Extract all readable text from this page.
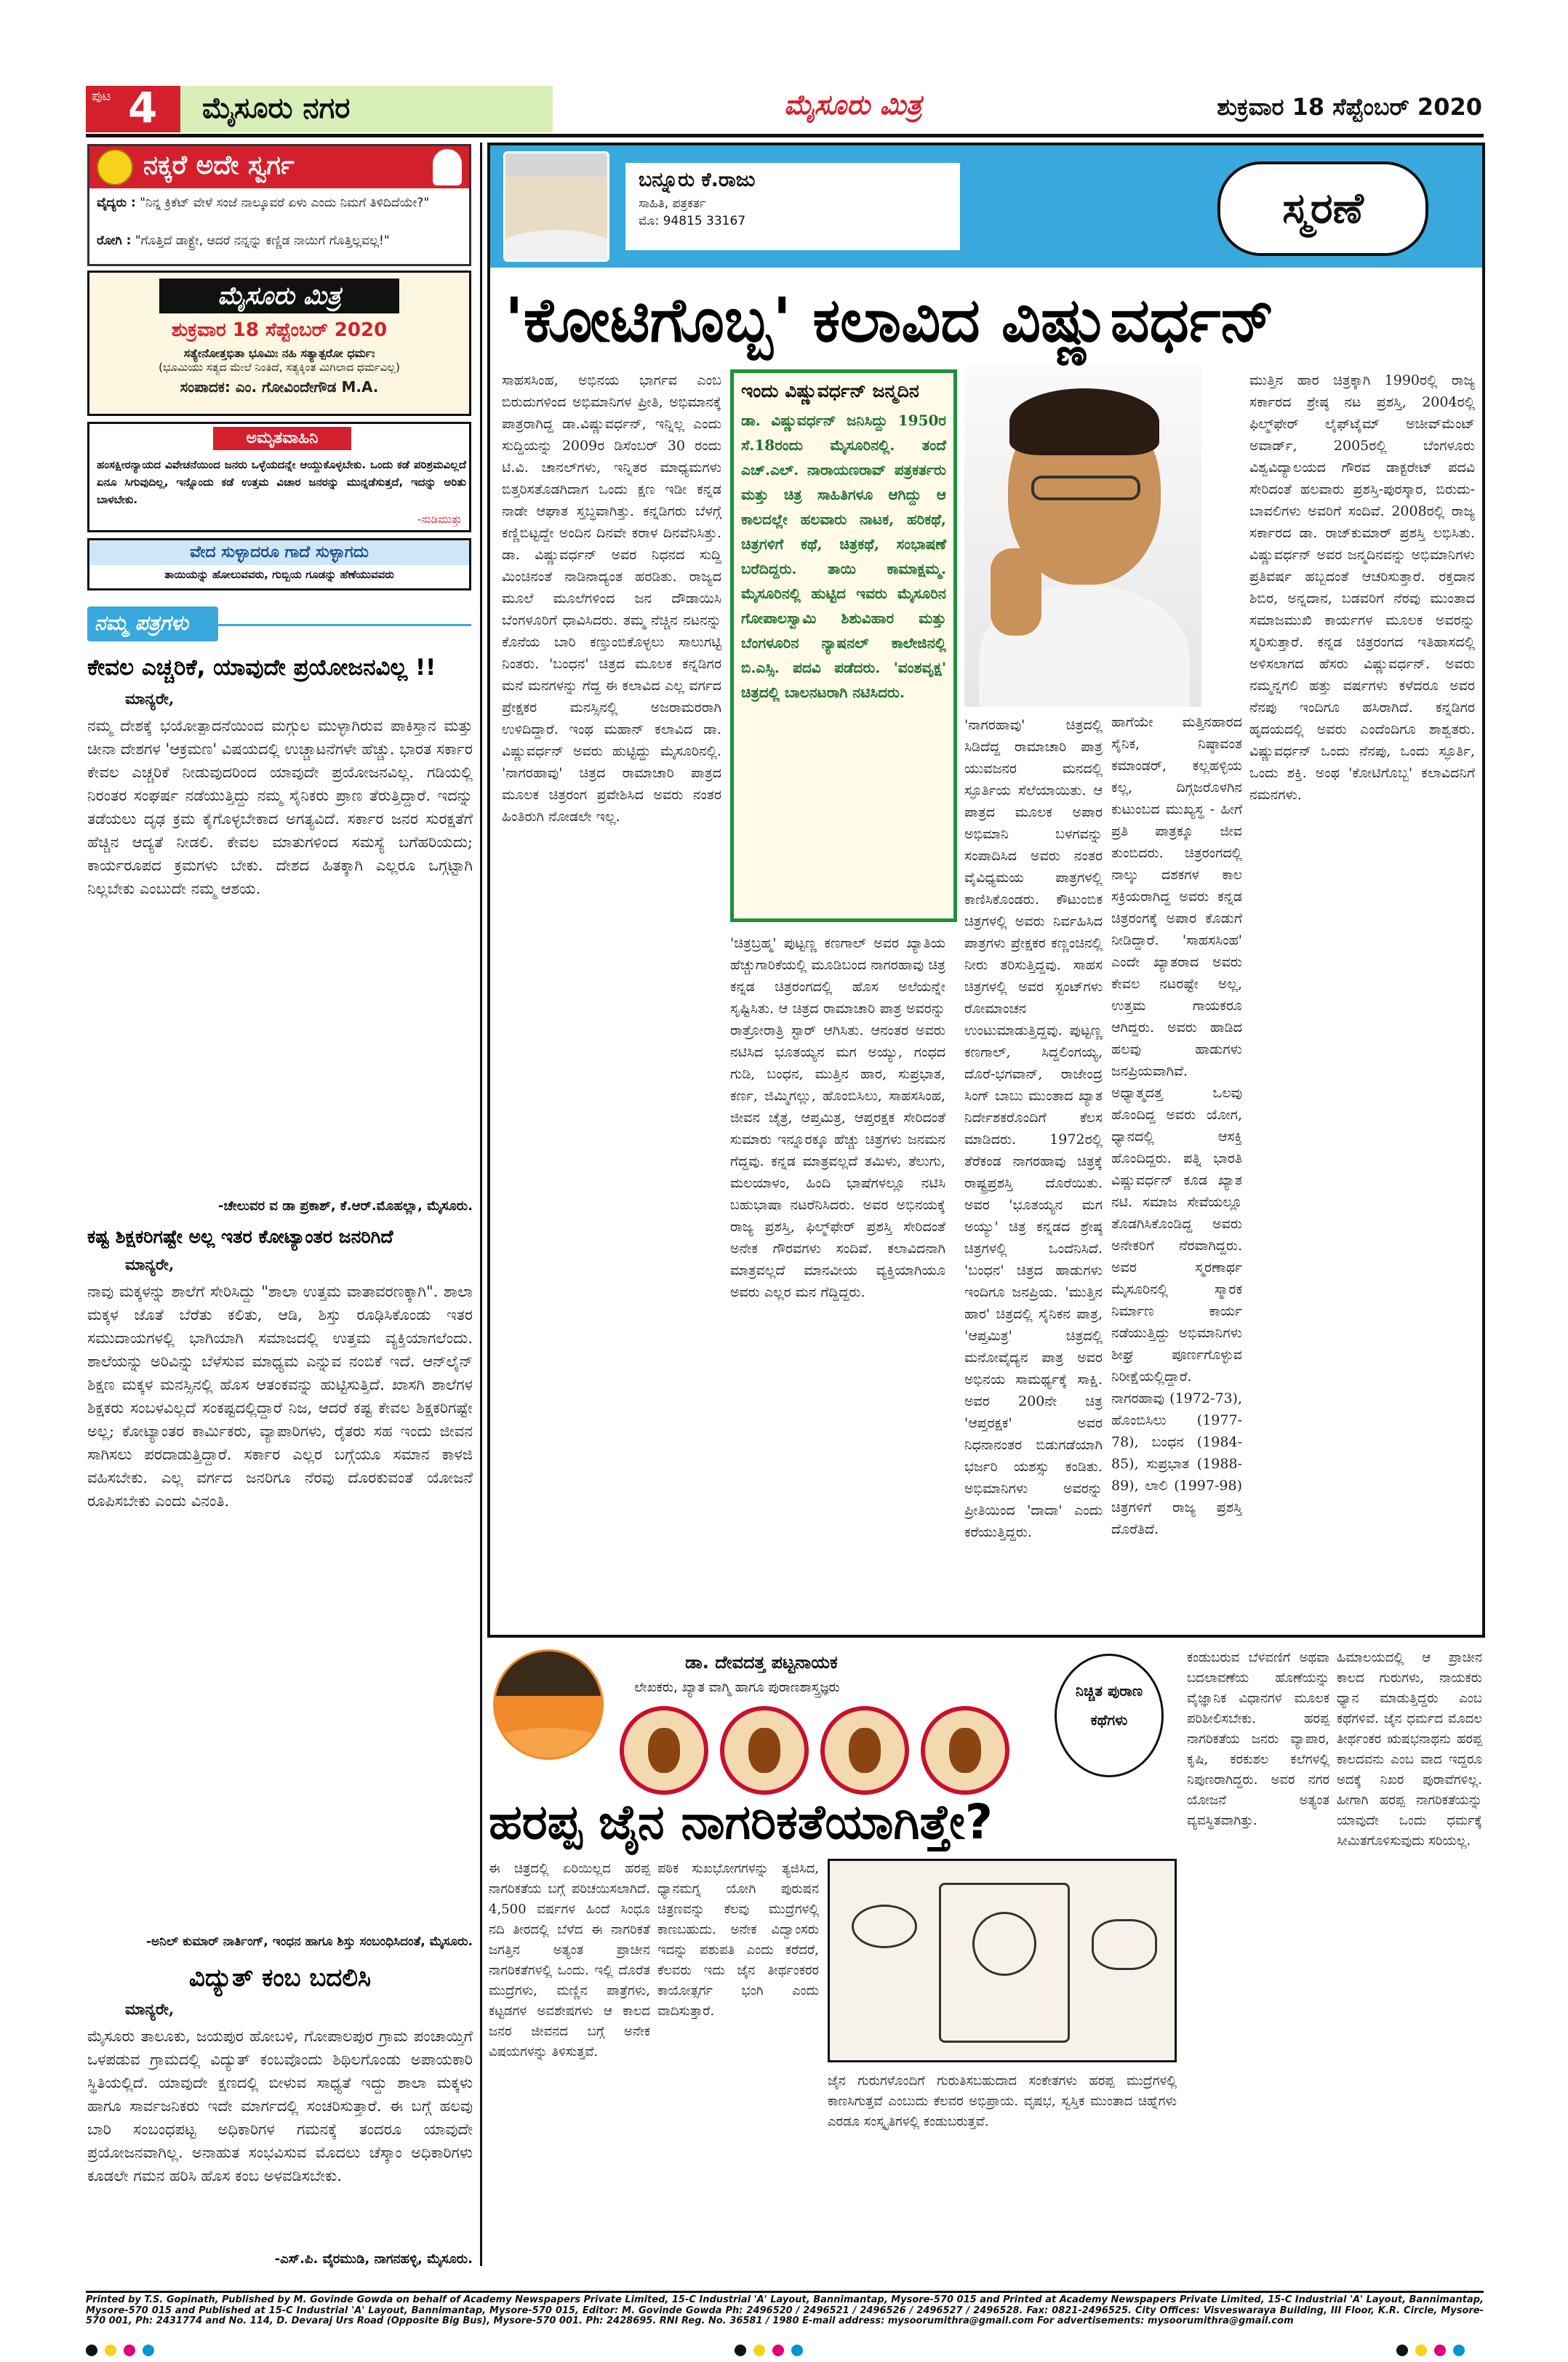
ಪುಟ 4 ಮೈಸೂರು ನಗರ	ಮೈಸೂರು ಮಿತ್ರ	ಶುಕ್ರವಾರ 18 ಸೆಪ್ಟೆಂಬರ್ 2020
ನಕ್ಕರೆ ಅದೇ ಸ್ವರ್ಗ
ವೈದ್ಯರು : "ನಿನ್ನ ಕ್ರಿಕೆಟ್ ವೇಳೆ ಸಂಜೆ ನಾಲ್ಕೂವರೆ ಏಳು ಎಂದು ನಿಮಗೆ ತಿಳಿದಿದೆಯೇ?"
ರೋಗಿ : "ಗೊತ್ತಿದೆ ಡಾಕ್ಟ್ರೇ, ಆದರೆ ನನ್ನನ್ನು ಕಣ್ಣಿಡ ನಾಯಿಗೆ ಗೊತ್ತಿಲ್ಲವಲ್ಲ!"
ಮೈಸೂರು ಮಿತ್ರ
ಶುಕ್ರವಾರ 18 ಸೆಪ್ಟೆಂಬರ್ 2020
ಸತ್ಯೇನೋತ್ತಭಿತಾ ಭೂಮಿಃ ನಹಿ ಸತ್ಯಾತ್ಪರೋ ಧರ್ಮಃ
(ಭೂಮಿಯು ಸತ್ಯದ ಮೇಲೆ ನಿಂತಿದೆ, ಸತ್ಯಕ್ಕಿಂತ ಮಿಗಿಲಾದ ಧರ್ಮವಿಲ್ಲ)
ಸಂಪಾದಕ: ಎಂ. ಗೋವಿಂದೇಗೌಡ M.A.
ಅಮೃತವಾಹಿನಿ
ಹಂಸಕ್ಷೀರನ್ಯಾಯದ ವಿವೇಚನೆಯಿಂದ ಜನರು ಒಳ್ಳೆಯದನ್ನೇ ಆಯ್ದುಕೊಳ್ಳಬೇಕು. ಒಂದು ಕಡೆ ಪರಿಶ್ರಮವಿಲ್ಲದೆ ಏನೂ ಸಿಗುವುದಿಲ್ಲ, ಇನ್ನೊಂದು ಕಡೆ ಉತ್ತಮ ವಿಚಾರ ಜನರನ್ನು ಮುನ್ನಡೆಸುತ್ತದೆ, ಇದನ್ನು ಅರಿತು ಬಾಳಬೇಕು.
-ನುಡಿಮುತ್ತು
ವೇದ ಸುಳ್ಳಾದರೂ ಗಾದೆ ಸುಳ್ಳಾಗದು
ತಾಯಿಯನ್ನು ಹೋಲುವವರು, ಗುಬ್ಬಿಯ ಗೂಡನ್ನು ಹೆಣೆಯುವವರು
ನಮ್ಮ ಪತ್ರಗಳು
ಕೇವಲ ಎಚ್ಚರಿಕೆ, ಯಾವುದೇ ಪ್ರಯೋಜನವಿಲ್ಲ !!
ಮಾನ್ಯರೇ,
ನಮ್ಮ ದೇಶಕ್ಕೆ ಭಯೋತ್ಪಾದನೆಯಿಂದ ಮಗ್ಗುಲ ಮುಳ್ಳಾಗಿರುವ ಪಾಕಿಸ್ತಾನ ಮತ್ತು ಚೀನಾ ದೇಶಗಳ 'ಆಕ್ರಮಣ' ವಿಷಯದಲ್ಲಿ ಉಚ್ಚಾಟನೆಗಳೇ ಹೆಚ್ಚು. ಭಾರತ ಸರ್ಕಾರ ಕೇವಲ ಎಚ್ಚರಿಕೆ ನೀಡುವುದರಿಂದ ಯಾವುದೇ ಪ್ರಯೋಜನವಿಲ್ಲ. ಗಡಿಯಲ್ಲಿ ನಿರಂತರ ಸಂಘರ್ಷ ನಡೆಯುತ್ತಿದ್ದು ನಮ್ಮ ಸೈನಿಕರು ಪ್ರಾಣ ತೆರುತ್ತಿದ್ದಾರೆ. ಇದನ್ನು ತಡೆಯಲು ದೃಢ ಕ್ರಮ ಕೈಗೊಳ್ಳಬೇಕಾದ ಅಗತ್ಯವಿದೆ. ಸರ್ಕಾರ ಜನರ ಸುರಕ್ಷತೆಗೆ ಹೆಚ್ಚಿನ ಆದ್ಯತೆ ನೀಡಲಿ. ಕೇವಲ ಮಾತುಗಳಿಂದ ಸಮಸ್ಯೆ ಬಗೆಹರಿಯದು; ಕಾರ್ಯರೂಪದ ಕ್ರಮಗಳು ಬೇಕು. ದೇಶದ ಹಿತಕ್ಕಾಗಿ ಎಲ್ಲರೂ ಒಗ್ಗಟ್ಟಾಗಿ ನಿಲ್ಲಬೇಕು ಎಂಬುದೇ ನಮ್ಮ ಆಶಯ.
-ಚೇಲುವರ ವ ಡಾ ಪ್ರಕಾಶ್, ಕೆ.ಆರ್.ಮೊಹಲ್ಲಾ, ಮೈಸೂರು.
ಕಷ್ಟ ಶಿಕ್ಷಕರಿಗಷ್ಟೇ ಅಲ್ಲ ಇತರ ಕೋಟ್ಯಾಂತರ ಜನರಿಗಿದೆ
ಮಾನ್ಯರೇ,
ನಾವು ಮಕ್ಕಳನ್ನು ಶಾಲೆಗೆ ಸೇರಿಸಿದ್ದು "ಶಾಲಾ ಉತ್ತಮ ವಾತಾವರಣಕ್ಕಾಗಿ". ಶಾಲಾ ಮಕ್ಕಳ ಜೊತೆ ಬೆರೆತು ಕಲಿತು, ಆಡಿ, ಶಿಸ್ತು ರೂಢಿಸಿಕೊಂಡು ಇತರ ಸಮುದಾಯಗಳಲ್ಲಿ ಭಾಗಿಯಾಗಿ ಸಮಾಜದಲ್ಲಿ ಉತ್ತಮ ವ್ಯಕ್ತಿಯಾಗಲೆಂದು. ಶಾಲೆಯನ್ನು ಅರಿವಿನ್ನು ಬೆಳೆಸುವ ಮಾಧ್ಯಮ ಎನ್ನುವ ನಂಬಿಕೆ ಇದೆ. ಆನ್‌ಲೈನ್ ಶಿಕ್ಷಣ ಮಕ್ಕಳ ಮನಸ್ಸಿನಲ್ಲಿ ಹೊಸ ಆತಂಕವನ್ನು ಹುಟ್ಟಿಸುತ್ತಿದೆ. ಖಾಸಗಿ ಶಾಲೆಗಳ ಶಿಕ್ಷಕರು ಸಂಬಳವಿಲ್ಲದೆ ಸಂಕಷ್ಟದಲ್ಲಿದ್ದಾರೆ ನಿಜ, ಆದರೆ ಕಷ್ಟ ಕೇವಲ ಶಿಕ್ಷಕರಿಗಷ್ಟೇ ಅಲ್ಲ; ಕೋಟ್ಯಾಂತರ ಕಾರ್ಮಿಕರು, ವ್ಯಾಪಾರಿಗಳು, ರೈತರು ಸಹ ಇಂದು ಜೀವನ ಸಾಗಿಸಲು ಪರದಾಡುತ್ತಿದ್ದಾರೆ. ಸರ್ಕಾರ ಎಲ್ಲರ ಬಗ್ಗೆಯೂ ಸಮಾನ ಕಾಳಜಿ ವಹಿಸಬೇಕು. ಎಲ್ಲ ವರ್ಗದ ಜನರಿಗೂ ನೆರವು ದೊರಕುವಂತೆ ಯೋಜನೆ ರೂಪಿಸಬೇಕು ಎಂದು ವಿನಂತಿ.
-ಅನಿಲ್ ಕುಮಾರ್ ನಾರ್ತಿಂಗ್, ಇಂಧನ ಹಾಗೂ ಶಿಸ್ತು ಸಂಬಂಧಿಸಿದಂತೆ, ಮೈಸೂರು.
ವಿದ್ಯುತ್ ಕಂಬ ಬದಲಿಸಿ
ಮಾನ್ಯರೇ,
ಮೈಸೂರು ತಾಲೂಕು, ಜಯಪುರ ಹೋಬಳಿ, ಗೋಪಾಲಪುರ ಗ್ರಾಮ ಪಂಚಾಯ್ತಿಗೆ ಒಳಪಡುವ ಗ್ರಾಮದಲ್ಲಿ ವಿದ್ಯುತ್ ಕಂಬವೊಂದು ಶಿಥಿಲಗೊಂಡು ಅಪಾಯಕಾರಿ ಸ್ಥಿತಿಯಲ್ಲಿದೆ. ಯಾವುದೇ ಕ್ಷಣದಲ್ಲಿ ಬೀಳುವ ಸಾಧ್ಯತೆ ಇದ್ದು ಶಾಲಾ ಮಕ್ಕಳು ಹಾಗೂ ಸಾರ್ವಜನಿಕರು ಇದೇ ಮಾರ್ಗದಲ್ಲಿ ಸಂಚರಿಸುತ್ತಾರೆ. ಈ ಬಗ್ಗೆ ಹಲವು ಬಾರಿ ಸಂಬಂಧಪಟ್ಟ ಅಧಿಕಾರಿಗಳ ಗಮನಕ್ಕೆ ತಂದರೂ ಯಾವುದೇ ಪ್ರಯೋಜನವಾಗಿಲ್ಲ. ಅನಾಹುತ ಸಂಭವಿಸುವ ಮೊದಲು ಚೆಸ್ಕಾಂ ಅಧಿಕಾರಿಗಳು ಕೂಡಲೇ ಗಮನ ಹರಿಸಿ ಹೊಸ ಕಂಬ ಅಳವಡಿಸಬೇಕು.
-ಎಸ್.ಪಿ. ವೈರಮುಡಿ, ನಾಗನಹಳ್ಳಿ, ಮೈಸೂರು.
ಬನ್ನೂರು ಕೆ.ರಾಜು
ಸಾಹಿತಿ, ಪತ್ರಕರ್ತ
ಮೊ: 94815 33167	ಸ್ಮರಣೆ
'ಕೋಟಿಗೊಬ್ಬ' ಕಲಾವಿದ ವಿಷ್ಣುವರ್ಧನ್
ಸಾಹಸಸಿಂಹ, ಅಭಿನಯ ಭಾರ್ಗವ ಎಂಬ ಬಿರುದುಗಳಿಂದ ಅಭಿಮಾನಿಗಳ ಪ್ರೀತಿ, ಅಭಿಮಾನಕ್ಕೆ ಪಾತ್ರರಾಗಿದ್ದ ಡಾ.ವಿಷ್ಣುವರ್ಧನ್, ಇನ್ನಿಲ್ಲ ಎಂದು ಸುದ್ದಿಯನ್ನು 2009ರ ಡಿಸೆಂಬರ್ 30 ರಂದು ಟಿ.ವಿ. ಚಾನಲ್‌ಗಳು, ಇನ್ನಿತರ ಮಾಧ್ಯಮಗಳು ಬಿತ್ತರಿಸತೊಡಗಿದಾಗ ಒಂದು ಕ್ಷಣ ಇಡೀ ಕನ್ನಡ ನಾಡೇ ಆಘಾತ ಸ್ತಬ್ಧವಾಗಿತ್ತು. ಕನ್ನಡಿಗರು ಬೆಳಗ್ಗೆ ಕಣ್ಣಿಬಿಟ್ಟದ್ದೇ ಅಂದಿನ ದಿನವೇ ಕರಾಳ ದಿನವೆನಿಸಿತ್ತು. ಡಾ. ವಿಷ್ಣುವರ್ಧನ್ ಅವರ ನಿಧನದ ಸುದ್ದಿ ಮಿಂಚಿನಂತೆ ನಾಡಿನಾದ್ಯಂತ ಹರಡಿತು. ರಾಜ್ಯದ ಮೂಲೆ ಮೂಲೆಗಳಿಂದ ಜನ ದೌಡಾಯಿಸಿ ಬೆಂಗಳೂರಿಗೆ ಧಾವಿಸಿದರು. ತಮ್ಮ ನೆಚ್ಚಿನ ನಟನನ್ನು ಕೊನೆಯ ಬಾರಿ ಕಣ್ತುಂಬಿಕೊಳ್ಳಲು ಸಾಲುಗಟ್ಟಿ ನಿಂತರು. 'ಬಂಧನ' ಚಿತ್ರದ ಮೂಲಕ ಕನ್ನಡಿಗರ ಮನೆ ಮನಗಳನ್ನು ಗೆದ್ದ ಈ ಕಲಾವಿದ ಎಲ್ಲ ವರ್ಗದ ಪ್ರೇಕ್ಷಕರ ಮನಸ್ಸಿನಲ್ಲಿ ಅಜರಾಮರರಾಗಿ ಉಳಿದಿದ್ದಾರೆ. ಇಂಥ ಮಹಾನ್ ಕಲಾವಿದ ಡಾ. ವಿಷ್ಣುವರ್ಧನ್ ಅವರು ಹುಟ್ಟಿದ್ದು ಮೈಸೂರಿನಲ್ಲಿ. 'ನಾಗರಹಾವು' ಚಿತ್ರದ ರಾಮಾಚಾರಿ ಪಾತ್ರದ ಮೂಲಕ ಚಿತ್ರರಂಗ ಪ್ರವೇಶಿಸಿದ ಅವರು ನಂತರ ಹಿಂತಿರುಗಿ ನೋಡಲೇ ಇಲ್ಲ.
'ಚಿತ್ರಬ್ರಹ್ಮ' ಪುಟ್ಟಣ್ಣ ಕಣಗಾಲ್ ಅವರ ಖ್ಯಾತಿಯ ಹೆಚ್ಚುಗಾರಿಕೆಯಲ್ಲಿ ಮೂಡಿಬಂದ ನಾಗರಹಾವು ಚಿತ್ರ ಕನ್ನಡ ಚಿತ್ರರಂಗದಲ್ಲಿ ಹೊಸ ಅಲೆಯನ್ನೇ ಸೃಷ್ಟಿಸಿತು. ಆ ಚಿತ್ರದ ರಾಮಾಚಾರಿ ಪಾತ್ರ ಅವರನ್ನು ರಾತ್ರೋರಾತ್ರಿ ಸ್ಟಾರ್ ಆಗಿಸಿತು. ಆನಂತರ ಅವರು ನಟಿಸಿದ ಭೂತಯ್ಯನ ಮಗ ಅಯ್ಯು, ಗಂಧದ ಗುಡಿ, ಬಂಧನ, ಮುತ್ತಿನ ಹಾರ, ಸುಪ್ರಭಾತ, ಕರ್ಣ, ಜಿಮ್ಮಿಗಲ್ಲು, ಹೊಂಬಿಸಿಲು, ಸಾಹಸಸಿಂಹ, ಜೀವನ ಚೈತ್ರ, ಆಪ್ತಮಿತ್ರ, ಆಪ್ತರಕ್ಷಕ ಸೇರಿದಂತೆ ಸುಮಾರು ಇನ್ನೂರಕ್ಕೂ ಹೆಚ್ಚು ಚಿತ್ರಗಳು ಜನಮನ ಗೆದ್ದವು. ಕನ್ನಡ ಮಾತ್ರವಲ್ಲದೆ ತಮಿಳು, ತೆಲುಗು, ಮಲಯಾಳಂ, ಹಿಂದಿ ಭಾಷೆಗಳಲ್ಲೂ ನಟಿಸಿ ಬಹುಭಾಷಾ ನಟರೆನಿಸಿದರು. ಅವರ ಅಭಿನಯಕ್ಕೆ ರಾಜ್ಯ ಪ್ರಶಸ್ತಿ, ಫಿಲ್ಮ್‌ಫೇರ್ ಪ್ರಶಸ್ತಿ ಸೇರಿದಂತೆ ಅನೇಕ ಗೌರವಗಳು ಸಂದಿವೆ. ಕಲಾವಿದನಾಗಿ ಮಾತ್ರವಲ್ಲದೆ ಮಾನವೀಯ ವ್ಯಕ್ತಿಯಾಗಿಯೂ ಅವರು ಎಲ್ಲರ ಮನ ಗೆದ್ದಿದ್ದರು.
ಇಂದು ವಿಷ್ಣುವರ್ಧನ್ ಜನ್ಮದಿನ
ಡಾ. ವಿಷ್ಣುವರ್ಧನ್ ಜನಿಸಿದ್ದು 1950ರ ಸೆ.18ರಂದು ಮೈಸೂರಿನಲ್ಲಿ. ತಂದೆ ಎಚ್.ಎಲ್. ನಾರಾಯಣರಾವ್ ಪತ್ರಕರ್ತರು ಮತ್ತು ಚಿತ್ರ ಸಾಹಿತಿಗಳೂ ಆಗಿದ್ದು ಆ ಕಾಲದಲ್ಲೇ ಹಲವಾರು ನಾಟಕ, ಹರಿಕಥೆ, ಚಿತ್ರಗಳಿಗೆ ಕಥೆ, ಚಿತ್ರಕಥೆ, ಸಂಭಾಷಣೆ ಬರೆದಿದ್ದರು. ತಾಯಿ ಕಾಮಾಕ್ಷಮ್ಮ. ಮೈಸೂರಿನಲ್ಲಿ ಹುಟ್ಟಿದ ಇವರು ಮೈಸೂರಿನ ಗೋಪಾಲಸ್ವಾಮಿ ಶಿಶುವಿಹಾರ ಮತ್ತು ಬೆಂಗಳೂರಿನ ನ್ಯಾಷನಲ್ ಕಾಲೇಜಿನಲ್ಲಿ ಬಿ.ಎಸ್ಸಿ. ಪದವಿ ಪಡೆದರು. 'ವಂಶವೃಕ್ಷ' ಚಿತ್ರದಲ್ಲಿ ಬಾಲನಟರಾಗಿ ನಟಿಸಿದರು.
'ನಾಗರಹಾವು' ಚಿತ್ರದಲ್ಲಿ ಸಿಡಿದೆದ್ದ ರಾಮಾಚಾರಿ ಪಾತ್ರ ಯುವಜನರ ಮನದಲ್ಲಿ ಸ್ಫೂರ್ತಿಯ ಸೆಲೆಯಾಯಿತು. ಆ ಪಾತ್ರದ ಮೂಲಕ ಅಪಾರ ಅಭಿಮಾನಿ ಬಳಗವನ್ನು ಸಂಪಾದಿಸಿದ ಅವರು ನಂತರ ವೈವಿಧ್ಯಮಯ ಪಾತ್ರಗಳಲ್ಲಿ ಕಾಣಿಸಿಕೊಂಡರು. ಕೌಟುಂಬಿಕ ಚಿತ್ರಗಳಲ್ಲಿ ಅವರು ನಿರ್ವಹಿಸಿದ ಪಾತ್ರಗಳು ಪ್ರೇಕ್ಷಕರ ಕಣ್ಣಂಚಿನಲ್ಲಿ ನೀರು ತರಿಸುತ್ತಿದ್ದವು. ಸಾಹಸ ಚಿತ್ರಗಳಲ್ಲಿ ಅವರ ಸ್ಟಂಟ್‌ಗಳು ರೋಮಾಂಚನ ಉಂಟುಮಾಡುತ್ತಿದ್ದವು. ಪುಟ್ಟಣ್ಣ ಕಣಗಾಲ್, ಸಿದ್ದಲಿಂಗಯ್ಯ, ದೊರೆ-ಭಗವಾನ್, ರಾಜೇಂದ್ರ ಸಿಂಗ್ ಬಾಬು ಮುಂತಾದ ಖ್ಯಾತ ನಿರ್ದೇಶಕರೊಂದಿಗೆ ಕೆಲಸ ಮಾಡಿದರು. 1972ರಲ್ಲಿ ತೆರೆಕಂಡ ನಾಗರಹಾವು ಚಿತ್ರಕ್ಕೆ ರಾಷ್ಟ್ರಪ್ರಶಸ್ತಿ ದೊರೆಯಿತು. ಅವರ 'ಭೂತಯ್ಯನ ಮಗ ಅಯ್ಯು' ಚಿತ್ರ ಕನ್ನಡದ ಶ್ರೇಷ್ಠ ಚಿತ್ರಗಳಲ್ಲಿ ಒಂದೆನಿಸಿದೆ. 'ಬಂಧನ' ಚಿತ್ರದ ಹಾಡುಗಳು ಇಂದಿಗೂ ಜನಪ್ರಿಯ. 'ಮುತ್ತಿನ ಹಾರ' ಚಿತ್ರದಲ್ಲಿ ಸೈನಿಕನ ಪಾತ್ರ, 'ಆಪ್ತಮಿತ್ರ' ಚಿತ್ರದಲ್ಲಿ ಮನೋವೈದ್ಯನ ಪಾತ್ರ ಅವರ ಅಭಿನಯ ಸಾಮರ್ಥ್ಯಕ್ಕೆ ಸಾಕ್ಷಿ. ಅವರ 200ನೇ ಚಿತ್ರ 'ಆಪ್ತರಕ್ಷಕ' ಅವರ ನಿಧನಾನಂತರ ಬಿಡುಗಡೆಯಾಗಿ ಭರ್ಜರಿ ಯಶಸ್ಸು ಕಂಡಿತು. ಅಭಿಮಾನಿಗಳು ಅವರನ್ನು ಪ್ರೀತಿಯಿಂದ 'ದಾದಾ' ಎಂದು ಕರೆಯುತ್ತಿದ್ದರು.
ಮುತ್ತಿನ ಹಾರ ಚಿತ್ರಕ್ಕಾಗಿ 1990ರಲ್ಲಿ ರಾಜ್ಯ ಸರ್ಕಾರದ ಶ್ರೇಷ್ಠ ನಟ ಪ್ರಶಸ್ತಿ, 2004ರಲ್ಲಿ ಫಿಲ್ಮ್‌ಫೇರ್ ಲೈಫ್‌ಟೈಮ್ ಅಚೀವ್‌ಮೆಂಟ್ ಅವಾರ್ಡ್, 2005ರಲ್ಲಿ ಬೆಂಗಳೂರು ವಿಶ್ವವಿದ್ಯಾಲಯದ ಗೌರವ ಡಾಕ್ಟರೇಟ್ ಪದವಿ ಸೇರಿದಂತೆ ಹಲವಾರು ಪ್ರಶಸ್ತಿ-ಪುರಸ್ಕಾರ, ಬಿರುದು-ಬಾವಲಿಗಳು ಅವರಿಗೆ ಸಂದಿವೆ. 2008ರಲ್ಲಿ ರಾಜ್ಯ ಸರ್ಕಾರದ ಡಾ. ರಾಜ್‌ಕುಮಾರ್ ಪ್ರಶಸ್ತಿ ಲಭಿಸಿತು. ವಿಷ್ಣುವರ್ಧನ್ ಅವರ ಜನ್ಮದಿನವನ್ನು ಅಭಿಮಾನಿಗಳು ಪ್ರತಿವರ್ಷ ಹಬ್ಬದಂತೆ ಆಚರಿಸುತ್ತಾರೆ. ರಕ್ತದಾನ ಶಿಬಿರ, ಅನ್ನದಾನ, ಬಡವರಿಗೆ ನೆರವು ಮುಂತಾದ ಸಮಾಜಮುಖಿ ಕಾರ್ಯಗಳ ಮೂಲಕ ಅವರನ್ನು ಸ್ಮರಿಸುತ್ತಾರೆ. ಕನ್ನಡ ಚಿತ್ರರಂಗದ ಇತಿಹಾಸದಲ್ಲಿ ಅಳಿಸಲಾಗದ ಹೆಸರು ವಿಷ್ಣುವರ್ಧನ್. ಅವರು ನಮ್ಮನ್ನಗಲಿ ಹತ್ತು ವರ್ಷಗಳು ಕಳೆದರೂ ಅವರ ನೆನಪು ಇಂದಿಗೂ ಹಸಿರಾಗಿದೆ. ಕನ್ನಡಿಗರ ಹೃದಯದಲ್ಲಿ ಅವರು ಎಂದೆಂದಿಗೂ ಶಾಶ್ವತರು. ವಿಷ್ಣುವರ್ಧನ್ ಒಂದು ನೆನಪು, ಒಂದು ಸ್ಫೂರ್ತಿ, ಒಂದು ಶಕ್ತಿ. ಅಂಥ 'ಕೋಟಿಗೊಬ್ಬ' ಕಲಾವಿದನಿಗೆ ನಮನಗಳು.
ಹಾಗೆಯೇ ಮತ್ತಿನಹಾರದ ಸೈನಿಕ, ನಿಷ್ಠಾವಂತ ಕಮಾಂಡರ್, ಕಲ್ಲಹಳ್ಳಿಯ ಕಲ್ಲ, ದಿಗ್ಗಜರೊಳಗಿನ ಕುಟುಂಬದ ಮುಖ್ಯಸ್ಥ - ಹೀಗೆ ಪ್ರತಿ ಪಾತ್ರಕ್ಕೂ ಜೀವ ತುಂಬಿದರು. ಚಿತ್ರರಂಗದಲ್ಲಿ ನಾಲ್ಕು ದಶಕಗಳ ಕಾಲ ಸಕ್ರಿಯರಾಗಿದ್ದ ಅವರು ಕನ್ನಡ ಚಿತ್ರರಂಗಕ್ಕೆ ಅಪಾರ ಕೊಡುಗೆ ನೀಡಿದ್ದಾರೆ. 'ಸಾಹಸಸಿಂಹ' ಎಂದೇ ಖ್ಯಾತರಾದ ಅವರು ಕೇವಲ ನಟರಷ್ಟೇ ಅಲ್ಲ, ಉತ್ತಮ ಗಾಯಕರೂ ಆಗಿದ್ದರು. ಅವರು ಹಾಡಿದ ಹಲವು ಹಾಡುಗಳು ಜನಪ್ರಿಯವಾಗಿವೆ. ಅಧ್ಯಾತ್ಮದತ್ತ ಒಲವು ಹೊಂದಿದ್ದ ಅವರು ಯೋಗ, ಧ್ಯಾನದಲ್ಲಿ ಆಸಕ್ತಿ ಹೊಂದಿದ್ದರು. ಪತ್ನಿ ಭಾರತಿ ವಿಷ್ಣುವರ್ಧನ್ ಕೂಡ ಖ್ಯಾತ ನಟಿ. ಸಮಾಜ ಸೇವೆಯಲ್ಲೂ ತೊಡಗಿಸಿಕೊಂಡಿದ್ದ ಅವರು ಅನೇಕರಿಗೆ ನೆರವಾಗಿದ್ದರು. ಅವರ ಸ್ಮರಣಾರ್ಥ ಮೈಸೂರಿನಲ್ಲಿ ಸ್ಮಾರಕ ನಿರ್ಮಾಣ ಕಾರ್ಯ ನಡೆಯುತ್ತಿದ್ದು ಅಭಿಮಾನಿಗಳು ಶೀಘ್ರ ಪೂರ್ಣಗೊಳ್ಳುವ ನಿರೀಕ್ಷೆಯಲ್ಲಿದ್ದಾರೆ. ನಾಗರಹಾವು (1972-73), ಹೊಂಬಿಸಿಲು (1977-78), ಬಂಧನ (1984-85), ಸುಪ್ರಭಾತ (1988-89), ಲಾಲಿ (1997-98) ಚಿತ್ರಗಳಿಗೆ ರಾಜ್ಯ ಪ್ರಶಸ್ತಿ ದೊರೆತಿದೆ.
ಡಾ. ದೇವದತ್ತ ಪಟ್ಟನಾಯಕ
ಲೇಖಕರು, ಖ್ಯಾತ ವಾಗ್ಮಿ ಹಾಗೂ ಪುರಾಣಶಾಸ್ತ್ರಜ್ಞರು	ನಿಚ್ಚಿತ ಪುರಾಣ ಕಥೆಗಳು
ಹರಪ್ಪ ಜೈನ ನಾಗರಿಕತೆಯಾಗಿತ್ತೇ?
ಈ ಚಿತ್ರದಲ್ಲಿ ಏರಿಯಿಲ್ಲದ ಹರಪ್ಪ ನಾಗರಿಕತೆಯ ಬಗ್ಗೆ ಪರಿಚಯಿಸಲಾಗಿದೆ. 4,500 ವರ್ಷಗಳ ಹಿಂದೆ ಸಿಂಧೂ ನದಿ ತೀರದಲ್ಲಿ ಬೆಳೆದ ಈ ನಾಗರಿಕತೆ ಜಗತ್ತಿನ ಅತ್ಯಂತ ಪ್ರಾಚೀನ ನಾಗರಿಕತೆಗಳಲ್ಲಿ ಒಂದು. ಇಲ್ಲಿ ದೊರೆತ ಮುದ್ರೆಗಳು, ಮಣ್ಣಿನ ಪಾತ್ರೆಗಳು, ಕಟ್ಟಡಗಳ ಅವಶೇಷಗಳು ಆ ಕಾಲದ ಜನರ ಜೀವನದ ಬಗ್ಗೆ ಅನೇಕ ವಿಷಯಗಳನ್ನು ತಿಳಿಸುತ್ತವೆ.
ಪಠಿಕ ಸುಖಭೋಗಗಳನ್ನು ತ್ಯಜಿಸಿದ, ಧ್ಯಾನಮಗ್ನ ಯೋಗಿ ಪುರುಷನ ಚಿತ್ರಣವನ್ನು ಕೆಲವು ಮುದ್ರೆಗಳಲ್ಲಿ ಕಾಣಬಹುದು. ಅನೇಕ ವಿದ್ವಾಂಸರು ಇದನ್ನು ಪಶುಪತಿ ಎಂದು ಕರೆದರೆ, ಕೆಲವರು ಇದು ಜೈನ ತೀರ್ಥಂಕರರ ಕಾಯೋತ್ಸರ್ಗ ಭಂಗಿ ಎಂದು ವಾದಿಸುತ್ತಾರೆ.
ಜೈನ ಗುರುಗಳೊಂದಿಗೆ ಗುರುತಿಸಬಹುದಾದ ಸಂಕೇತಗಳು ಹರಪ್ಪ ಮುದ್ರೆಗಳಲ್ಲಿ ಕಾಣಸಿಗುತ್ತವೆ ಎಂಬುದು ಕೆಲವರ ಅಭಿಪ್ರಾಯ. ವೃಷಭ, ಸ್ವಸ್ತಿಕ ಮುಂತಾದ ಚಿಹ್ನೆಗಳು ಎರಡೂ ಸಂಸ್ಕೃತಿಗಳಲ್ಲಿ ಕಂಡುಬರುತ್ತವೆ.
ಕಂಡುಬರುವ ಬೆಳವಣಿಗೆ ಅಥವಾ ಬದಲಾವಣೆಯ ಹೊಣೆಯನ್ನು ವೈಜ್ಞಾನಿಕ ವಿಧಾನಗಳ ಮೂಲಕ ಪರಿಶೀಲಿಸಬೇಕು. ಹರಪ್ಪ ನಾಗರಿಕತೆಯ ಜನರು ವ್ಯಾಪಾರ, ಕೃಷಿ, ಕರಕುಶಲ ಕಲೆಗಳಲ್ಲಿ ನಿಪುಣರಾಗಿದ್ದರು. ಅವರ ನಗರ ಯೋಜನೆ ಅತ್ಯಂತ ವ್ಯವಸ್ಥಿತವಾಗಿತ್ತು.
ಹಿಮಾಲಯದಲ್ಲಿ ಆ ಪ್ರಾಚೀನ ಕಾಲದ ಗುರುಗಳು, ನಾಯಕರು ಧ್ಯಾನ ಮಾಡುತ್ತಿದ್ದರು ಎಂಬ ಕಥೆಗಳಿವೆ. ಜೈನ ಧರ್ಮದ ಮೊದಲ ತೀರ್ಥಂಕರ ಋಷಭನಾಥನು ಹರಪ್ಪ ಕಾಲದವನು ಎಂಬ ವಾದ ಇದ್ದರೂ ಅದಕ್ಕೆ ನಿಖರ ಪುರಾವೆಗಳಿಲ್ಲ. ಹೀಗಾಗಿ ಹರಪ್ಪ ನಾಗರಿಕತೆಯನ್ನು ಯಾವುದೇ ಒಂದು ಧರ್ಮಕ್ಕೆ ಸೀಮಿತಗೊಳಿಸುವುದು ಸರಿಯಲ್ಲ.
Printed by T.S. Gopinath, Published by M. Govinde Gowda on behalf of Academy Newspapers Private Limited, 15-C Industrial 'A' Layout, Bannimantap, Mysore-570 015 and Printed at Academy Newspapers Private Limited, 15-C Industrial 'A' Layout, Bannimantap, Mysore-570 015 and Published at 15-C Industrial 'A' Layout, Bannimantap, Mysore-570 015, Editor: M. Govinde Gowda Ph: 2496520 / 2496521 / 2496526 / 2496527 / 2496528. Fax: 0821-2496525. City Offices: Visveswaraya Building, III Floor, K.R. Circle, Mysore-570 001, Ph: 2431774 and No. 114, D. Devaraj Urs Road (Opposite Big Bus), Mysore-570 001. Ph: 2428695. RNI Reg. No. 36581 / 1980 E-mail address: mysoorumithra@gmail.com For advertisements: mysoorumithra@gmail.com
